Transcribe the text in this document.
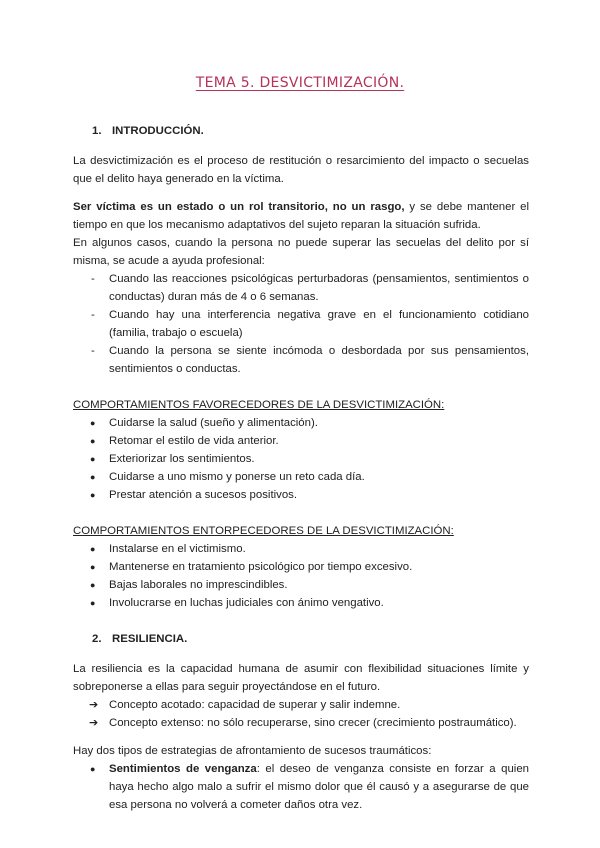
TEMA 5. DESVICTIMIZACIÓN.
1. INTRODUCCIÓN.

La desvictimización es el proceso de restitución o resarcimiento del impacto o secuelas que el delito haya generado en la víctima.

Ser víctima es un estado o un rol transitorio, no un rasgo, y se debe mantener el tiempo en que los mecanismo adaptativos del sujeto reparan la situación sufrida.

En algunos casos, cuando la persona no puede superar las secuelas del delito por sí misma, se acude a ayuda profesional:

- Cuando las reacciones psicológicas perturbadoras (pensamientos, sentimientos o conductas) duran más de 4 o 6 semanas.
- Cuando hay una interferencia negativa grave en el funcionamiento cotidiano (familia, trabajo o escuela)
- Cuando la persona se siente incómoda o desbordada por sus pensamientos, sentimientos o conductas.

COMPORTAMIENTOS FAVORECEDORES DE LA DESVICTIMIZACIÓN:

● Cuidarse la salud (sueño y alimentación).
● Retomar el estilo de vida anterior.
● Exteriorizar los sentimientos.
● Cuidarse a uno mismo y ponerse un reto cada día.
● Prestar atención a sucesos positivos.

COMPORTAMIENTOS ENTORPECEDORES DE LA DESVICTIMIZACIÓN:

● Instalarse en el victimismo.
● Mantenerse en tratamiento psicológico por tiempo excesivo.
● Bajas laborales no imprescindibles.
● Involucrarse en luchas judiciales con ánimo vengativo.
2. RESILIENCIA.

La resiliencia es la capacidad humana de asumir con flexibilidad situaciones límite y sobreponerse a ellas para seguir proyectándose en el futuro.

➔ Concepto acotado: capacidad de superar y salir indemne.
➔ Concepto extenso: no sólo recuperarse, sino crecer (crecimiento postraumático).

Hay dos tipos de estrategias de afrontamiento de sucesos traumáticos:

● Sentimientos de venganza: el deseo de venganza consiste en forzar a quien haya hecho algo malo a sufrir el mismo dolor que él causó y a asegurarse de que esa persona no volverá a cometer daños otra vez.
